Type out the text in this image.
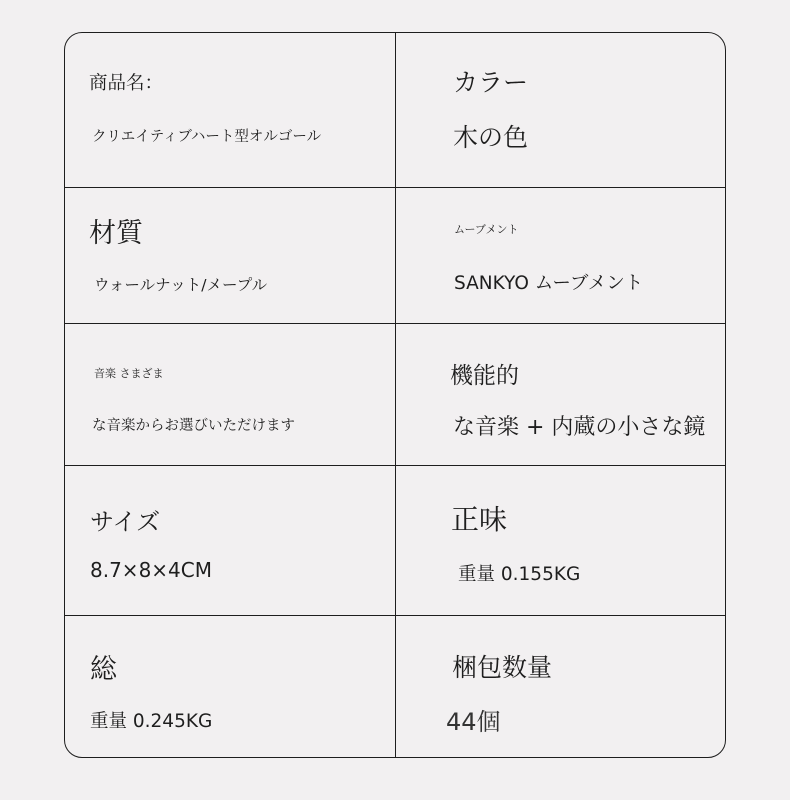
商品名：
クリエイティブハート型オルゴール
カラー
木の色
材質
ウォールナット/メープル
ムーブメント
SANKYO ムーブメント
音楽 さまざま
な音楽からお選びいただけます
機能的
な音楽 + 内蔵の小さな鏡
サイズ
8.7×8×4CM
正味
重量 0.155KG
総
重量 0.245KG
梱包数量
44個
